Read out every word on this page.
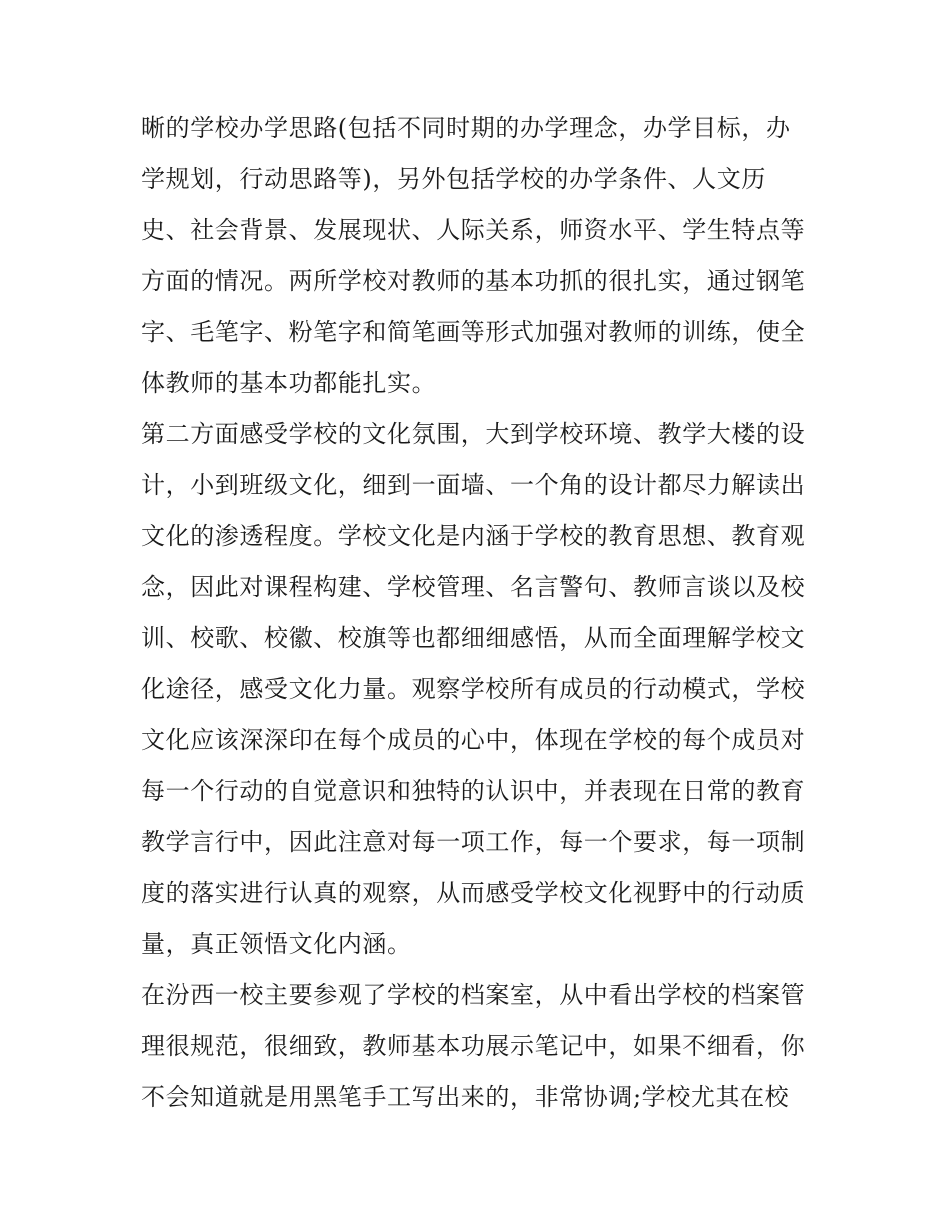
晰的学校办学思路(包括不同时期的办学理念，办学目标，办
学规划，行动思路等)，另外包括学校的办学条件、人文历
史、社会背景、发展现状、人际关系，师资水平、学生特点等
方面的情况。两所学校对教师的基本功抓的很扎实，通过钢笔
字、毛笔字、粉笔字和简笔画等形式加强对教师的训练，使全
体教师的基本功都能扎实。
第二方面感受学校的文化氛围，大到学校环境、教学大楼的设
计，小到班级文化，细到一面墙、一个角的设计都尽力解读出
文化的渗透程度。学校文化是内涵于学校的教育思想、教育观
念，因此对课程构建、学校管理、名言警句、教师言谈以及校
训、校歌、校徽、校旗等也都细细感悟，从而全面理解学校文
化途径，感受文化力量。观察学校所有成员的行动模式，学校
文化应该深深印在每个成员的心中，体现在学校的每个成员对
每一个行动的自觉意识和独特的认识中，并表现在日常的教育
教学言行中，因此注意对每一项工作，每一个要求，每一项制
度的落实进行认真的观察，从而感受学校文化视野中的行动质
量，真正领悟文化内涵。
在汾西一校主要参观了学校的档案室，从中看出学校的档案管
理很规范，很细致，教师基本功展示笔记中，如果不细看，你
不会知道就是用黑笔手工写出来的，非常协调;学校尤其在校
